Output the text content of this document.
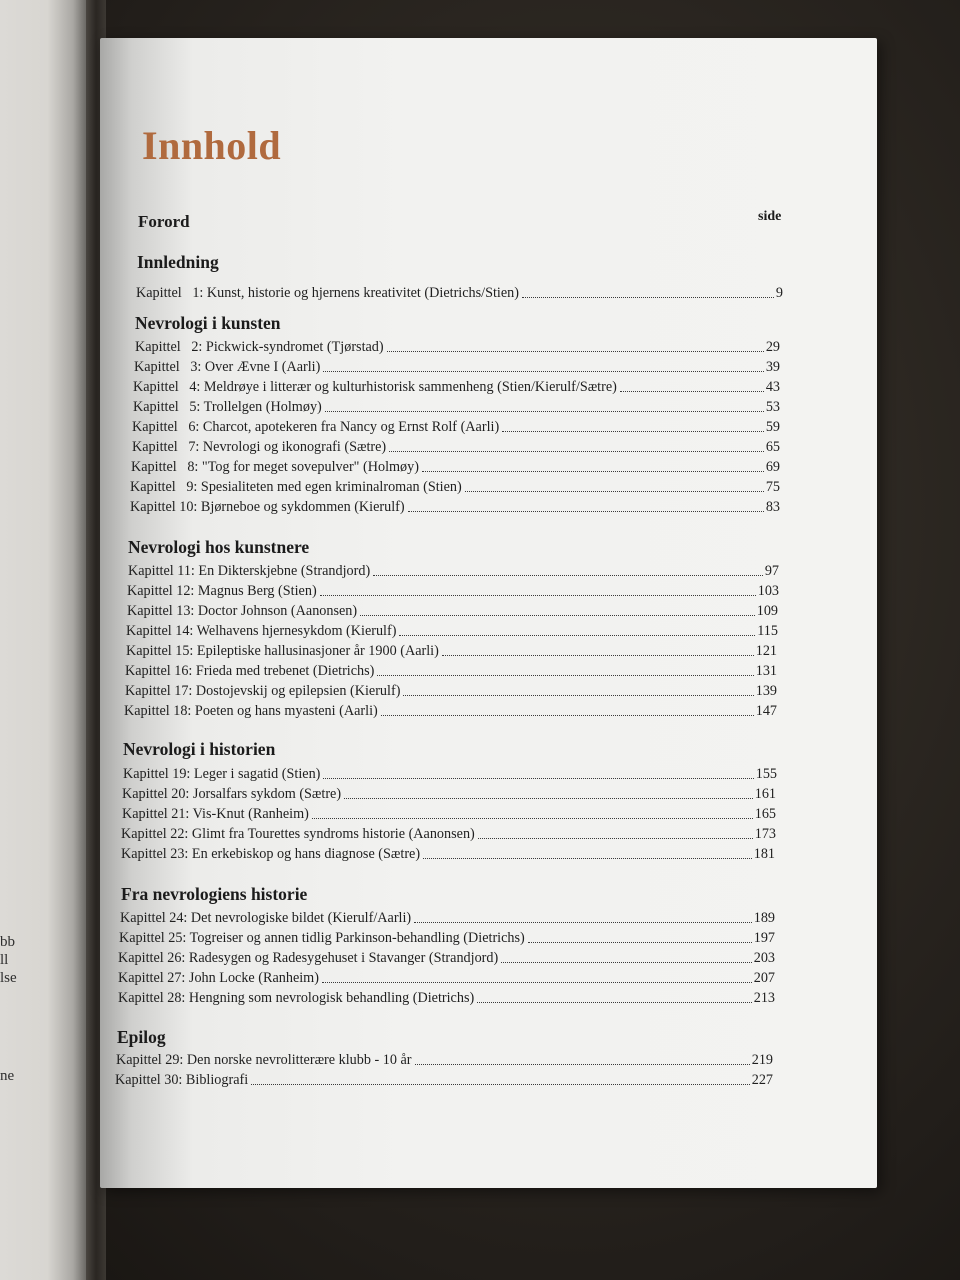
bb
ll
lse
ne
Innhold
Forord	side
Innledning
Kapittel   1: Kunst, historie og hjernens kreativitet (Dietrichs/Stien)	9
Nevrologi i kunsten
Kapittel   2: Pickwick-syndromet (Tjørstad)	29
Kapittel   3: Over Ævne I (Aarli)	39
Kapittel   4: Meldrøye i litterær og kulturhistorisk sammenheng (Stien/Kierulf/Sætre)	43
Kapittel   5: Trollelgen (Holmøy)	53
Kapittel   6: Charcot, apotekeren fra Nancy og Ernst Rolf (Aarli)	59
Kapittel   7: Nevrologi og ikonografi (Sætre)	65
Kapittel   8: "Tog for meget sovepulver" (Holmøy)	69
Kapittel   9: Spesialiteten med egen kriminalroman (Stien)	75
Kapittel 10: Bjørneboe og sykdommen (Kierulf)	83
Nevrologi hos kunstnere
Kapittel 11: En Dikterskjebne (Strandjord)	97
Kapittel 12: Magnus Berg (Stien)	103
Kapittel 13: Doctor Johnson (Aanonsen)	109
Kapittel 14: Welhavens hjernesykdom (Kierulf)	115
Kapittel 15: Epileptiske hallusinasjoner år 1900 (Aarli)	121
Kapittel 16: Frieda med trebenet (Dietrichs)	131
Kapittel 17: Dostojevskij og epilepsien (Kierulf)	139
Kapittel 18: Poeten og hans myasteni (Aarli)	147
Nevrologi i historien
Kapittel 19: Leger i sagatid (Stien)	155
Kapittel 20: Jorsalfars sykdom (Sætre)	161
Kapittel 21: Vis-Knut (Ranheim)	165
Kapittel 22: Glimt fra Tourettes syndroms historie (Aanonsen)	173
Kapittel 23: En erkebiskop og hans diagnose (Sætre)	181
Fra nevrologiens historie
Kapittel 24: Det nevrologiske bildet (Kierulf/Aarli)	189
Kapittel 25: Togreiser og annen tidlig Parkinson-behandling (Dietrichs)	197
Kapittel 26: Radesygen og Radesygehuset i Stavanger (Strandjord)	203
Kapittel 27: John Locke (Ranheim)	207
Kapittel 28: Hengning som nevrologisk behandling (Dietrichs)	213
Epilog
Kapittel 29: Den norske nevrolitterære klubb - 10 år	219
Kapittel 30: Bibliografi	227
